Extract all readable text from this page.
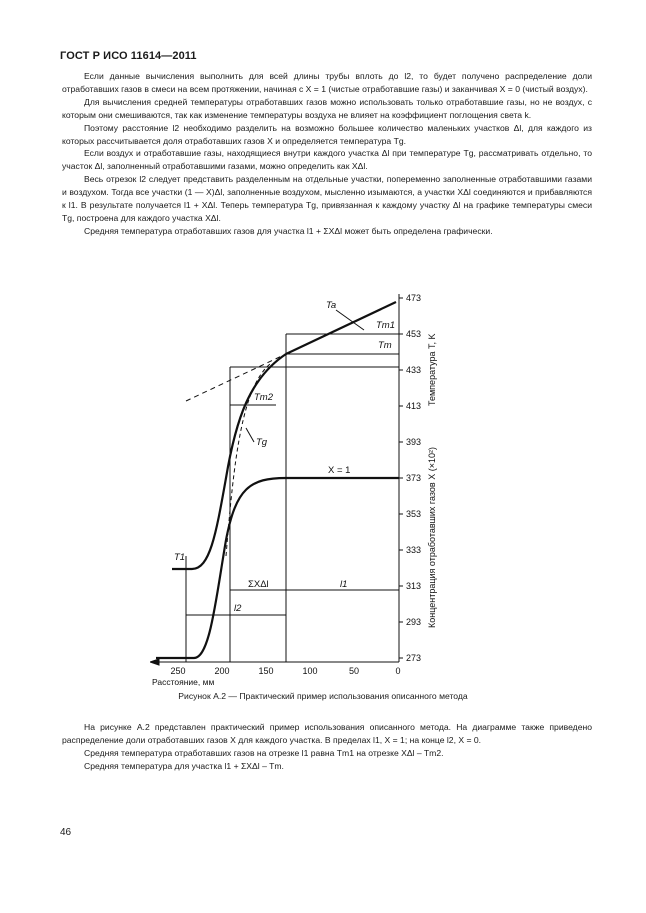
ГОСТ Р ИСО 11614—2011

Если данные вычисления выполнить для всей длины трубы вплоть до l2, то будет получено распределение доли отработавших газов в смеси на всем протяжении, начиная с X = 1 (чистые отработавшие газы) и заканчивая X = 0 (чистый воздух).

Для вычисления средней температуры отработавших газов можно использовать только отработавшие газы, но не воздух, с которым они смешиваются, так как изменение температуры воздуха не влияет на коэффициент поглощения света k.

Поэтому расстояние l2 необходимо разделить на возможно большее количество маленьких участков Δl, для каждого из которых рассчитывается доля отработавших газов X и определяется температура Tg.

Если воздух и отработавшие газы, находящиеся внутри каждого участка Δl при температуре Tg, рассматривать отдельно, то участок Δl, заполненный отработавшими газами, можно определить как XΔl.

Весь отрезок l2 следует представить разделенным на отдельные участки, попеременно заполненные отработавшими газами и воздухом. Тогда все участки (1 — X)Δl, заполненные воздухом, мысленно изымаются, а участки XΔl соединяются и прибавляются к l1. В результате получается l1 + XΔl. Теперь температура Tg, привязанная к каждому участку Δl на графике температуры смеси Tg, построена для каждого участка XΔl.

Средняя температура отработавших газов для участка l1 + ΣXΔl может быть определена графически.

473
453
433
413
393
373
353
333
313
293
273
250	200	150	100	50	0
Расстояние, мм
Температура T, K
Концентрация отработавших газов X (×10²)
Ta
Tm1
Tm
Tm2
Tg
T1
X = 1
ΣXΔl	l1
l2
Рисунок А.2 — Практический пример использования описанного метода

На рисунке А.2 представлен практический пример использования описанного метода. На диаграмме также приведено распределение доли отработавших газов X для каждого участка. В пределах l1, X = 1; на конце l2, X = 0.

Средняя температура отработавших газов на отрезке l1 равна Tm1 на отрезке XΔl – Tm2.

Средняя температура для участка l1 + ΣXΔl – Tm.

46
